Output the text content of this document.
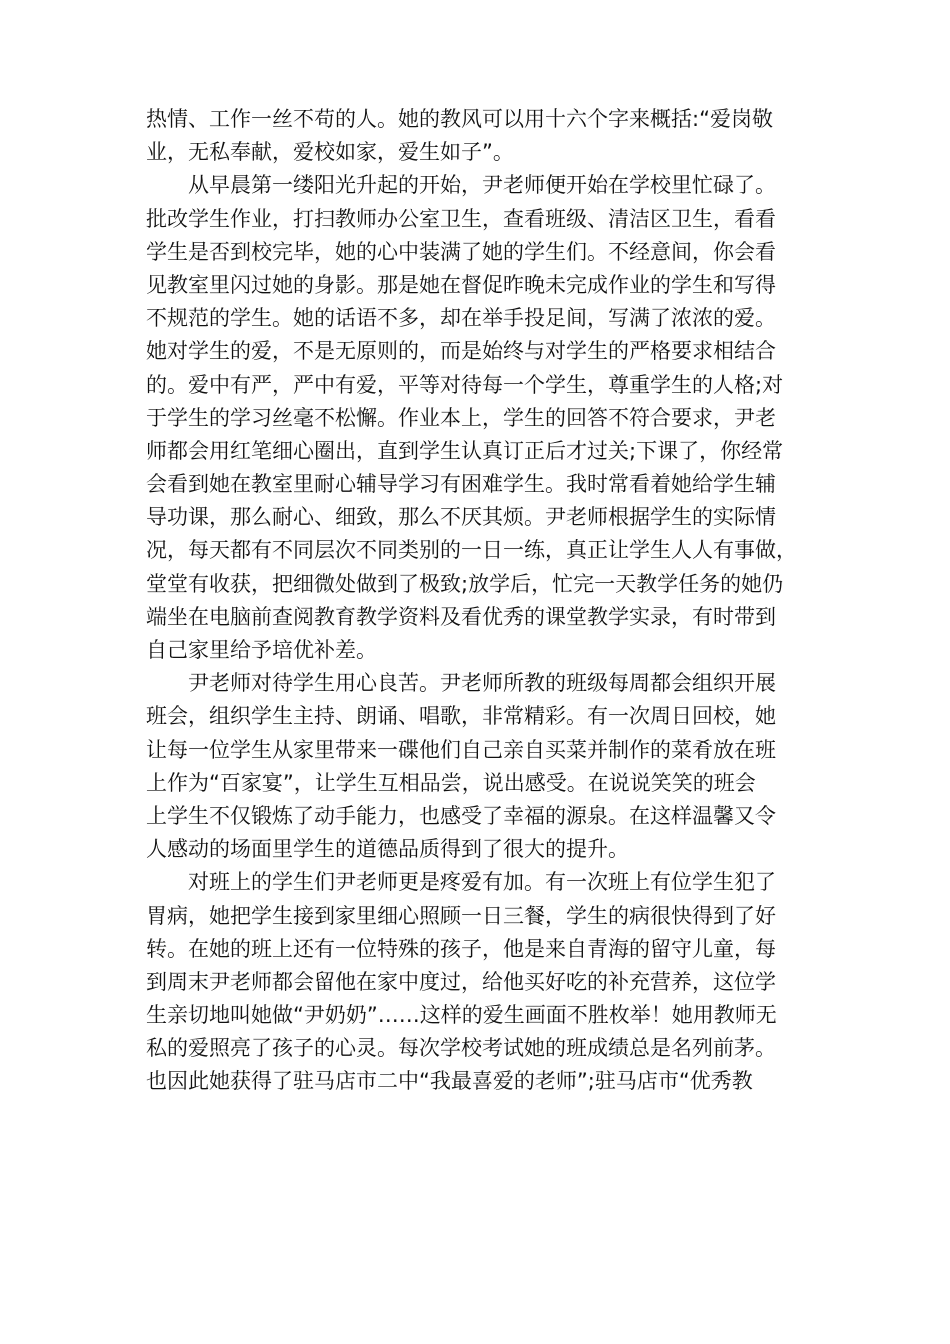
热情、工作一丝不苟的人。她的教风可以用十六个字来概括:“爱岗敬
业，无私奉献，爱校如家，爱生如子”。
从早晨第一缕阳光升起的开始，尹老师便开始在学校里忙碌了。
批改学生作业，打扫教师办公室卫生，查看班级、清洁区卫生，看看
学生是否到校完毕，她的心中装满了她的学生们。不经意间，你会看
见教室里闪过她的身影。那是她在督促昨晚未完成作业的学生和写得
不规范的学生。她的话语不多，却在举手投足间，写满了浓浓的爱。
她对学生的爱，不是无原则的，而是始终与对学生的严格要求相结合
的。爱中有严，严中有爱，平等对待每一个学生，尊重学生的人格;对
于学生的学习丝毫不松懈。作业本上，学生的回答不符合要求，尹老
师都会用红笔细心圈出，直到学生认真订正后才过关;下课了，你经常
会看到她在教室里耐心辅导学习有困难学生。我时常看着她给学生辅
导功课，那么耐心、细致，那么不厌其烦。尹老师根据学生的实际情
况，每天都有不同层次不同类别的一日一练，真正让学生人人有事做，
堂堂有收获，把细微处做到了极致;放学后，忙完一天教学任务的她仍
端坐在电脑前查阅教育教学资料及看优秀的课堂教学实录，有时带到
自己家里给予培优补差。
尹老师对待学生用心良苦。尹老师所教的班级每周都会组织开展
班会，组织学生主持、朗诵、唱歌，非常精彩。有一次周日回校，她
让每一位学生从家里带来一碟他们自己亲自买菜并制作的菜肴放在班
上作为“百家宴”，让学生互相品尝，说出感受。在说说笑笑的班会
上学生不仅锻炼了动手能力，也感受了幸福的源泉。在这样温馨又令
人感动的场面里学生的道德品质得到了很大的提升。
对班上的学生们尹老师更是疼爱有加。有一次班上有位学生犯了
胃病，她把学生接到家里细心照顾一日三餐，学生的病很快得到了好
转。在她的班上还有一位特殊的孩子，他是来自青海的留守儿童，每
到周末尹老师都会留他在家中度过，给他买好吃的补充营养，这位学
生亲切地叫她做“尹奶奶”……这样的爱生画面不胜枚举！她用教师无
私的爱照亮了孩子的心灵。每次学校考试她的班成绩总是名列前茅。
也因此她获得了驻马店市二中“我最喜爱的老师”;驻马店市“优秀教
